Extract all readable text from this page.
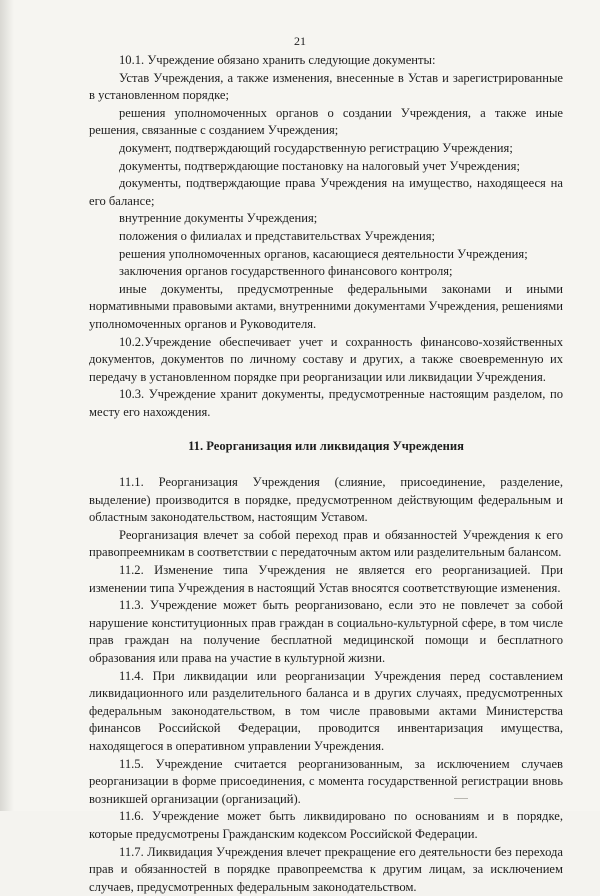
21

10.1. Учреждение обязано хранить следующие документы:

Устав Учреждения, а также изменения, внесенные в Устав и зарегистрированные в установленном порядке;

решения уполномоченных органов о создании Учреждения, а также иные решения, связанные с созданием Учреждения;

документ, подтверждающий государственную регистрацию Учреждения;

документы, подтверждающие постановку на налоговый учет Учреждения;

документы, подтверждающие права Учреждения на имущество, находящееся на его балансе;

внутренние документы Учреждения;

положения о филиалах и представительствах Учреждения;

решения уполномоченных органов, касающиеся деятельности Учреждения;

заключения органов государственного финансового контроля;

иные документы, предусмотренные федеральными законами и иными нормативными правовыми актами, внутренними документами Учреждения, решениями уполномоченных органов и Руководителя.

10.2.Учреждение обеспечивает учет и сохранность финансово-хозяйственных документов, документов по личному составу и других, а также своевременную их передачу в установленном порядке при реорганизации или ликвидации Учреждения.

10.3. Учреждение хранит документы, предусмотренные настоящим разделом, по месту его нахождения.

11. Реорганизация или ликвидация Учреждения

11.1. Реорганизация Учреждения (слияние, присоединение, разделение, выделение) производится в порядке, предусмотренном действующим федеральным и областным законодательством, настоящим Уставом.

Реорганизация влечет за собой переход прав и обязанностей Учреждения к его правопреемникам в соответствии с передаточным актом или разделительным балансом.

11.2. Изменение типа Учреждения не является его реорганизацией. При изменении типа Учреждения в настоящий Устав вносятся соответствующие изменения.

11.3. Учреждение может быть реорганизовано, если это не повлечет за собой нарушение конституционных прав граждан в социально-культурной сфере, в том числе прав граждан на получение бесплатной медицинской помощи и бесплатного образования или права на участие в культурной жизни.

11.4. При ликвидации или реорганизации Учреждения перед составлением ликвидационного или разделительного баланса и в других случаях, предусмотренных федеральным законодательством, в том числе правовыми актами Министерства финансов Российской Федерации, проводится инвентаризация имущества, находящегося в оперативном управлении Учреждения.

11.5. Учреждение считается реорганизованным, за исключением случаев реорганизации в форме присоединения, с момента государственной регистрации вновь возникшей организации (организаций).

11.6. Учреждение может быть ликвидировано по основаниям и в порядке, которые предусмотрены Гражданским кодексом Российской Федерации.

11.7. Ликвидация Учреждения влечет прекращение его деятельности без перехода прав и обязанностей в порядке правопреемства к другим лицам, за исключением случаев, предусмотренных федеральным законодательством.
